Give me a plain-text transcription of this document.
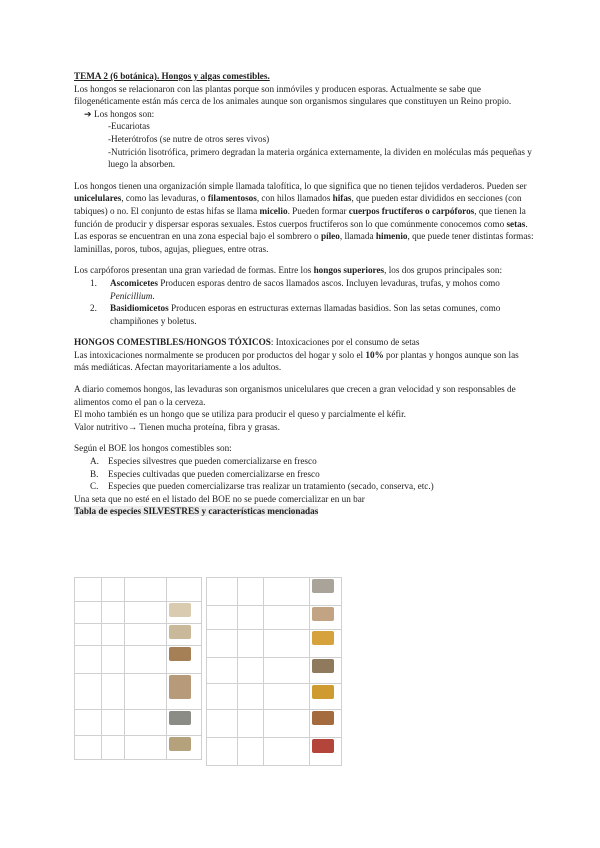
TEMA 2 (6 botánica). Hongos y algas comestibles.

Los hongos se relacionaron con las plantas porque son inmóviles y producen esporas. Actualmente se sabe que filogenéticamente están más cerca de los animales aunque son organismos singulares que constituyen un Reino propio.

➔ Los hongos son:

-Eucariotas

-Heterótrofos (se nutre de otros seres vivos)

-Nutrición lisotrófica, primero degradan la materia orgánica externamente, la dividen en moléculas más pequeñas y luego la absorben.

Los hongos tienen una organización simple llamada talofítica, lo que significa que no tienen tejidos verdaderos. Pueden ser unicelulares, como las levaduras, o filamentosos, con hilos llamados hifas, que pueden estar divididos en secciones (con tabiques) o no. El conjunto de estas hifas se llama micelio. Pueden formar cuerpos fructíferos o carpóforos, que tienen la función de producir y dispersar esporas sexuales. Estos cuerpos fructíferos son lo que comúnmente conocemos como setas. Las esporas se encuentran en una zona especial bajo el sombrero o píleo, llamada himenio, que puede tener distintas formas: laminillas, poros, tubos, agujas, pliegues, entre otras.

Los carpóforos presentan una gran variedad de formas. Entre los hongos superiores, los dos grupos principales son:

1.	Ascomicetes Producen esporas dentro de sacos llamados ascos. Incluyen levaduras, trufas, y mohos como Penicillium.
2.	Basidiomicetos Producen esporas en estructuras externas llamadas basidios. Son las setas comunes, como champiñones y boletus.

HONGOS COMESTIBLES/HONGOS TÓXICOS: Intoxicaciones por el consumo de setas

Las intoxicaciones normalmente se producen por productos del hogar y solo el 10% por plantas y hongos aunque son las más mediáticas. Afectan mayoritariamente a los adultos.

A diario comemos hongos, las levaduras son organismos unicelulares que crecen a gran velocidad y son responsables de alimentos como el pan o la cerveza.

El moho también es un hongo que se utiliza para producir el queso y parcialmente el kéfir.

Valor nutritivo→ Tienen mucha proteína, fibra y grasas.

Según el BOE los hongos comestibles son:

A. Especies silvestres que pueden comercializarse en fresco
B.	Especies cultivadas que pueden comercializarse en fresco
C.	Especies que pueden comercializarse tras realizar un tratamiento (secado, conserva, etc.)

Una seta que no esté en el listado del BOE no se puede comercializar en un bar

Tabla de especies SILVESTRES y características mencionadas
